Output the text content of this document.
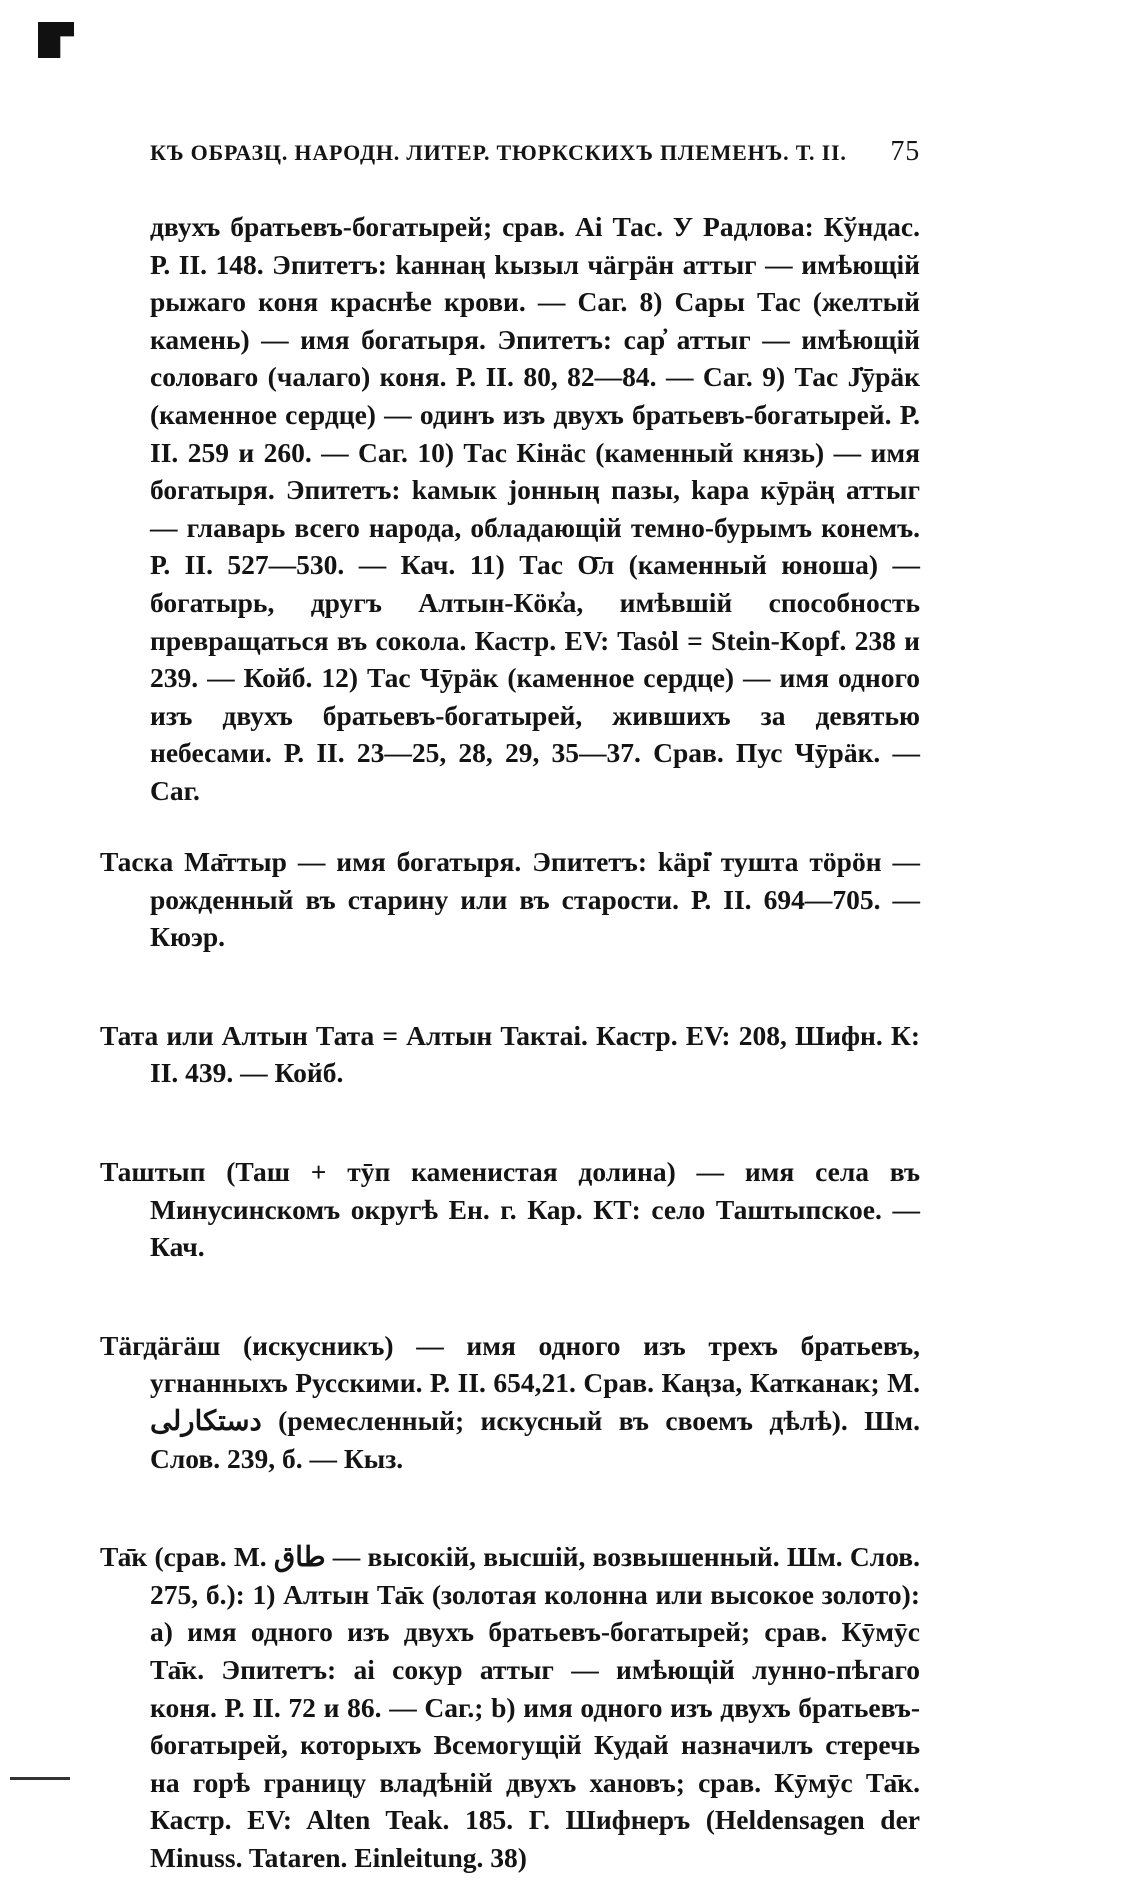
КЪ ОБРАЗЦ. НАРОДН. ЛИТЕР. ТЮРКСКИХЪ ПЛЕМЕНЪ. Т. II. 75

двухъ братьевъ-богатырей; срав. Аі Тас. У Радлова: Кўндас. Р. II. 148. Эпитетъ: kаннаң kызыл чӓгрӓн аттыг — имѣющій рыжаго коня краснѣе крови. — Саг. 8) Сары Тас (желтый камень) — имя богатыря. Эпитетъ: сар̓ аттыг — имѣющій соловаго (чалаго) коня. Р. II. 80, 82—84. — Саг. 9) Тас Ј̇ӯрӓк (каменное сердце) — одинъ изъ двухъ братьевъ-богатырей. Р. II. 259 и 260. — Саг. 10) Тас Кінӓс (каменный князь) — имя богатыря. Эпитетъ: kамык јонның пазы, kара кӯрӓң аттыг — главарь всего народа, обладающій темно-бурымъ конемъ. Р. II. 527—530. — Кач. 11) Тас О̄л (каменный юноша) — богатырь, другъ Алтын-Кӧк̓а, имѣвшій способность превращаться въ сокола. Кастр. EV: Tasȯl = Stein-Kopf. 238 и 239. — Койб. 12) Тас Чӯрӓк (каменное сердце) — имя одного изъ двухъ братьевъ-богатырей, жившихъ за девятью небесами. Р. II. 23—25, 28, 29, 35—37. Срав. Пус Чӯрӓк. — Саг.

Таскa Ма̄ттыр — имя богатыря. Эпитетъ: kӓрі̇ тушта тӧрӧн — рожденный въ старину или въ старости. Р. II. 694—705. — Кюэр.

Тата или Алтын Тата = Алтын Taктаі. Кастр. EV: 208, Шифн. К: II. 439. — Койб.

Таштып (Таш + тӯп каменистая долина) — имя села въ Минусинскомъ округѣ Ен. г. Кар. КТ: село Таштыпское. — Кач.

Тӓгдӓгӓш (искусникъ) — имя одного изъ трехъ братьевъ, угнанныхъ Русскими. Р. II. 654,21. Срав. Каңза, Катканак; М. دستکارلی (ремесленный; искусный въ своемъ дѣлѣ). Шм. Слов. 239, б. — Кыз.

Та̄к (срав. М. طاق — высокій, высшій, возвышенный. Шм. Слов. 275, б.): 1) Алтын Та̄к (золотая колонна или высокое золото): а) имя одного изъ двухъ братьевъ-богатырей; срав. Кӯмӯс Та̄к. Эпитетъ: аі сокур аттыг — имѣющій лунно-пѣгаго коня. Р. II. 72 и 86. — Саг.; b) имя одного изъ двухъ братьевъ-богатырей, которыхъ Всемогущій Кудай назначилъ стеречь на горѣ границу владѣній двухъ хановъ; срав. Кӯмӯс Та̄к. Кастр. EV: Alten Teak. 185. Г. Шифнеръ (Heldensagen der Minuss. Tataren. Einleitung. 38)
